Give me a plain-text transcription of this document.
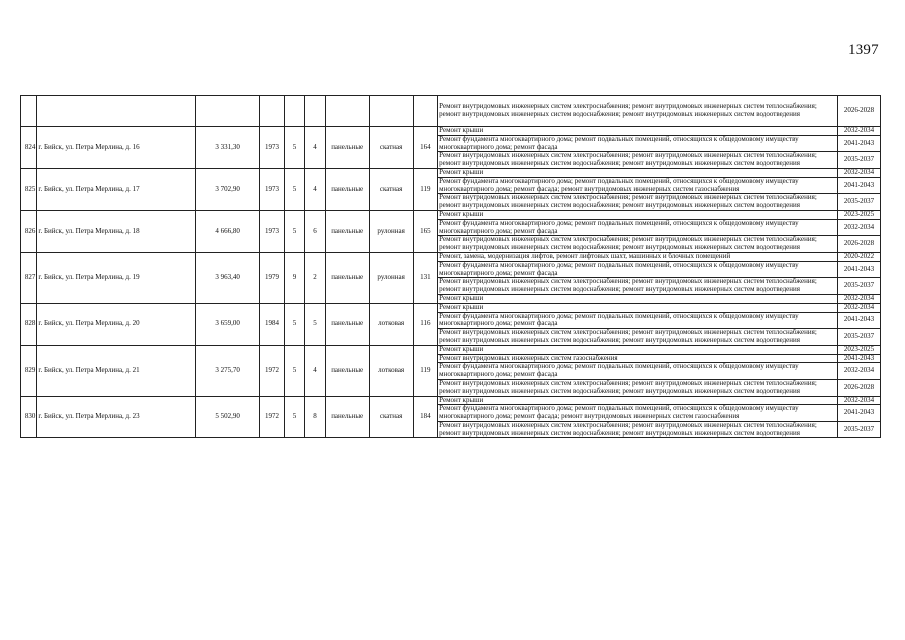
1397
									Ремонт внутридомовых инженерных систем электроснабжения; ремонт внутридомовых инженерных систем теплоснабжения; ремонт внутридомовых инженерных систем водоснабжения; ремонт внутридомовых инженерных систем водоотведения	2026-2028
824	г. Бийск, ул. Петра Мерлина, д. 16	3 331,30	1973	5	4	панельные	скатная	164	Ремонт крыши	2032-2034
									Ремонт фундамента многоквартирного дома; ремонт подвальных помещений, относящихся к общедомовому имуществу многоквартирного дома; ремонт фасада	2041-2043
									Ремонт внутридомовых инженерных систем электроснабжения; ремонт внутридомовых инженерных систем теплоснабжения; ремонт внутридомовых инженерных систем водоснабжения; ремонт внутридомовых инженерных систем водоотведения	2035-2037
825	г. Бийск, ул. Петра Мерлина, д. 17	3 702,90	1973	5	4	панельные	скатная	119	Ремонт крыши	2032-2034
									Ремонт фундамента многоквартирного дома; ремонт подвальных помещений, относящихся к общедомовому имуществу многоквартирного дома; ремонт фасада; ремонт внутридомовых инженерных систем газоснабжения	2041-2043
									Ремонт внутридомовых инженерных систем электроснабжения; ремонт внутридомовых инженерных систем теплоснабжения; ремонт внутридомовых инженерных систем водоснабжения; ремонт внутридомовых инженерных систем водоотведения	2035-2037
826	г. Бийск, ул. Петра Мерлина, д. 18	4 666,80	1973	5	6	панельные	рулонная	165	Ремонт крыши	2023-2025
									Ремонт фундамента многоквартирного дома; ремонт подвальных помещений, относящихся к общедомовому имуществу многоквартирного дома; ремонт фасада	2032-2034
									Ремонт внутридомовых инженерных систем электроснабжения; ремонт внутридомовых инженерных систем теплоснабжения; ремонт внутридомовых инженерных систем водоснабжения; ремонт внутридомовых инженерных систем водоотведения	2026-2028
827	г. Бийск, ул. Петра Мерлина, д. 19	3 963,40	1979	9	2	панельные	рулонная	131	Ремонт, замена, модернизация лифтов, ремонт лифтовых шахт, машинных и блочных помещений	2020-2022
									Ремонт фундамента многоквартирного дома; ремонт подвальных помещений, относящихся к общедомовому имуществу многоквартирного дома; ремонт фасада	2041-2043
									Ремонт внутридомовых инженерных систем электроснабжения; ремонт внутридомовых инженерных систем теплоснабжения; ремонт внутридомовых инженерных систем водоснабжения; ремонт внутридомовых инженерных систем водоотведения	2035-2037
									Ремонт крыши	2032-2034
828	г. Бийск, ул. Петра Мерлина, д. 20	3 659,00	1984	5	5	панельные	лотковая	116	Ремонт крыши	2032-2034
									Ремонт фундамента многоквартирного дома; ремонт подвальных помещений, относящихся к общедомовому имуществу многоквартирного дома; ремонт фасада	2041-2043
									Ремонт внутридомовых инженерных систем электроснабжения; ремонт внутридомовых инженерных систем теплоснабжения; ремонт внутридомовых инженерных систем водоснабжения; ремонт внутридомовых инженерных систем водоотведения	2035-2037
829	г. Бийск, ул. Петра Мерлина, д. 21	3 275,70	1972	5	4	панельные	лотковая	119	Ремонт крыши	2023-2025
									Ремонт внутридомовых инженерных систем газоснабжения	2041-2043
									Ремонт фундамента многоквартирного дома; ремонт подвальных помещений, относящихся к общедомовому имуществу многоквартирного дома; ремонт фасада	2032-2034
									Ремонт внутридомовых инженерных систем электроснабжения; ремонт внутридомовых инженерных систем теплоснабжения; ремонт внутридомовых инженерных систем водоснабжения; ремонт внутридомовых инженерных систем водоотведения	2026-2028
830	г. Бийск, ул. Петра Мерлина, д. 23	5 502,90	1972	5	8	панельные	скатная	184	Ремонт крыши	2032-2034
									Ремонт фундамента многоквартирного дома; ремонт подвальных помещений, относящихся к общедомовому имуществу многоквартирного дома; ремонт фасада; ремонт внутридомовых инженерных систем газоснабжения	2041-2043
									Ремонт внутридомовых инженерных систем электроснабжения; ремонт внутридомовых инженерных систем теплоснабжения; ремонт внутридомовых инженерных систем водоснабжения; ремонт внутридомовых инженерных систем водоотведения	2035-2037
